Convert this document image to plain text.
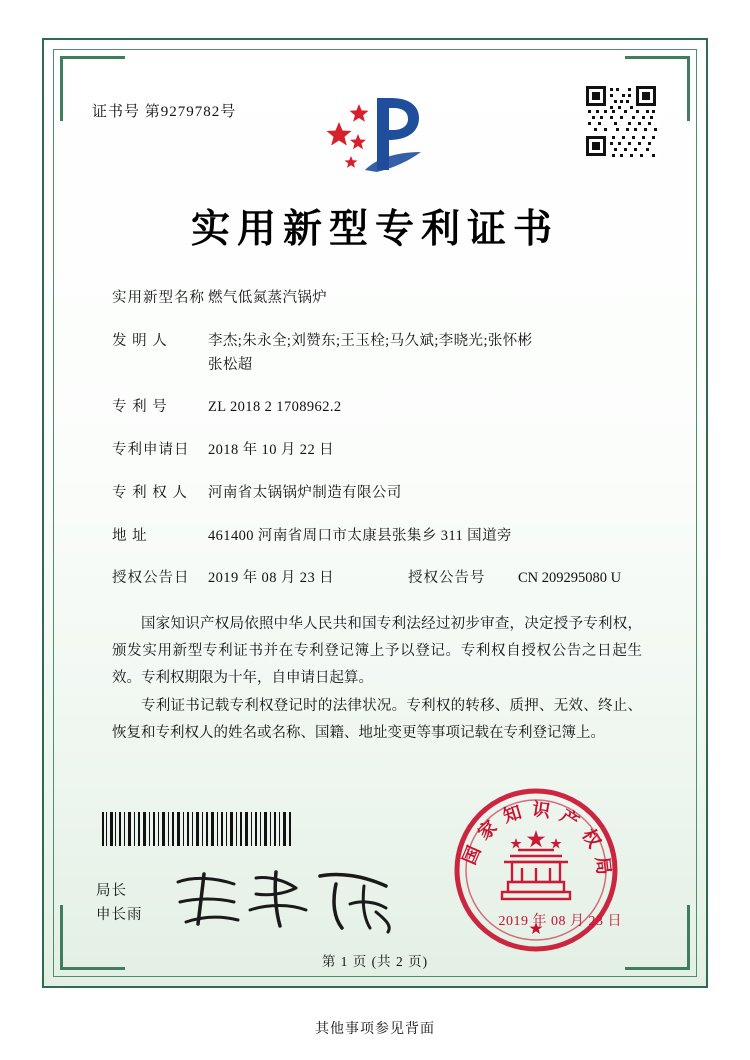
证书号 第9279782号
实用新型专利证书
实用新型名称 燃气低氮蒸汽锅炉
发 明 人	李杰;朱永全;刘赞东;王玉栓;马久斌;李晓光;张怀彬
张松超
专 利 号	ZL 2018 2 1708962.2
专利申请日	2018 年 10 月 22 日
专 利 权 人	河南省太锅锅炉制造有限公司
地 址	461400 河南省周口市太康县张集乡 311 国道旁
授权公告日	2019 年 08 月 23 日	授权公告号	CN 209295080 U

国家知识产权局依照中华人民共和国专利法经过初步审查，决定授予专利权，颁发实用新型专利证书并在专利登记簿上予以登记。专利权自授权公告之日起生效。专利权期限为十年，自申请日起算。

专利证书记载专利权登记时的法律状况。专利权的转移、质押、无效、终止、恢复和专利权人的姓名或名称、国籍、地址变更等事项记载在专利登记簿上。

局长
申长雨
国家知识产权局
2019 年 08 月 23 日
第 1 页 (共 2 页)
其他事项参见背面
